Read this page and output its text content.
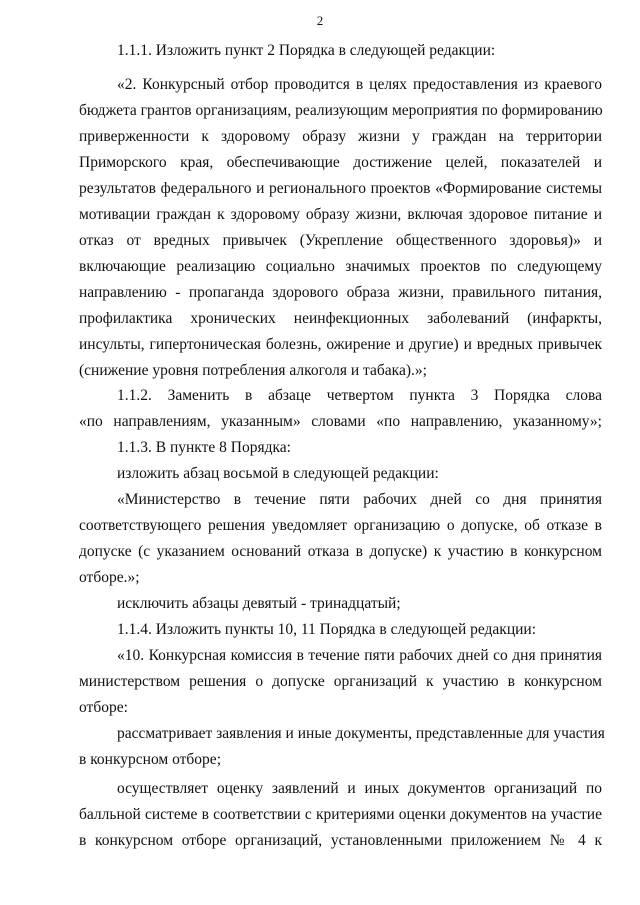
2
1.1.1. Изложить пункт 2 Порядка в следующей редакции:
«2. Конкурсный отбор проводится в целях предоставления из краевого
бюджета грантов организациям, реализующим мероприятия по формированию
приверженности к здоровому образу жизни у граждан на территории
Приморского края, обеспечивающие достижение целей, показателей и
результатов федерального и регионального проектов «Формирование системы
мотивации граждан к здоровому образу жизни, включая здоровое питание и
отказ от вредных привычек (Укрепление общественного здоровья)» и
включающие реализацию социально значимых проектов по следующему
направлению - пропаганда здорового образа жизни, правильного питания,
профилактика хронических неинфекционных заболеваний (инфаркты,
инсульты, гипертоническая болезнь, ожирение и другие) и вредных привычек
(снижение уровня потребления алкоголя и табака).»;
1.1.2. Заменить в абзаце четвертом пункта 3 Порядка слова
«по направлениям, указанным» словами «по направлению, указанному»;
1.1.3. В пункте 8 Порядка:
изложить абзац восьмой в следующей редакции:
«Министерство в течение пяти рабочих дней со дня принятия
соответствующего решения уведомляет организацию о допуске, об отказе в
допуске (с указанием оснований отказа в допуске) к участию в конкурсном
отборе.»;
исключить абзацы девятый - тринадцатый;
1.1.4. Изложить пункты 10, 11 Порядка в следующей редакции:
«10. Конкурсная комиссия в течение пяти рабочих дней со дня принятия
министерством решения о допуске организаций к участию в конкурсном
отборе:
рассматривает заявления и иные документы, представленные для участия
в конкурсном отборе;
осуществляет оценку заявлений и иных документов организаций по
балльной системе в соответствии с критериями оценки документов на участие
в конкурсном отборе организаций, установленными приложением № 4 к
